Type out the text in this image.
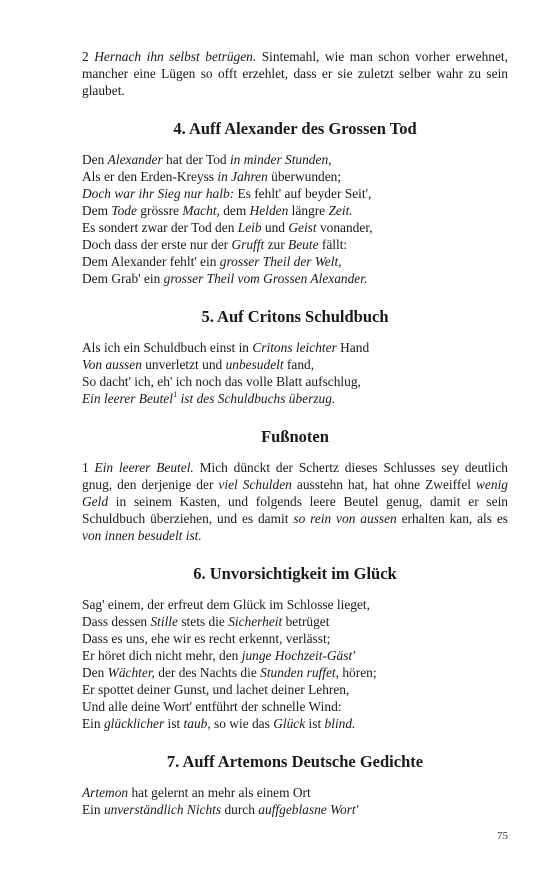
2 Hernach ihn selbst betrügen. Sintemahl, wie man schon vorher erwehnet, mancher eine Lügen so offt erzehlet, dass er sie zuletzt selber wahr zu sein glaubet.

4. Auff Alexander des Grossen Tod
Den Alexander hat der Tod in minder Stunden,
Als er den Erden-Kreyss in Jahren überwunden;
Doch war ihr Sieg nur halb: Es fehlt' auf beyder Seit',
Dem Tode grössre Macht, dem Helden längre Zeit.
Es sondert zwar der Tod den Leib und Geist vonander,
Doch dass der erste nur der Grufft zur Beute fällt:
Dem Alexander fehlt' ein grosser Theil der Welt,
Dem Grab' ein grosser Theil vom Grossen Alexander.
5. Auf Critons Schuldbuch
Als ich ein Schuldbuch einst in Critons leichter Hand
Von aussen unverletzt und unbesudelt fand,
So dacht' ich, eh' ich noch das volle Blatt aufschlug,
Ein leerer Beutel$^1$ ist des Schuldbuchs überzug.
Fußnoten

1 Ein leerer Beutel. Mich dünckt der Schertz dieses Schlusses sey deutlich gnug, den derjenige der viel Schulden ausstehn hat, hat ohne Zweiffel wenig Geld in seinem Kasten, und folgends leere Beutel genug, damit er sein Schuldbuch überziehen, und es damit so rein von aussen erhalten kan, als es von innen besudelt ist.

6. Unvorsichtigkeit im Glück
Sag' einem, der erfreut dem Glück im Schlosse lieget,
Dass dessen Stille stets die Sicherheit betrüget
Dass es uns, ehe wir es recht erkennt, verlässt;
Er höret dich nicht mehr, den junge Hochzeit-Gäst'
Den Wächter, der des Nachts die Stunden ruffet, hören;
Er spottet deiner Gunst, und lachet deiner Lehren,
Und alle deine Wort' entführt der schnelle Wind:
Ein glücklicher ist taub, so wie das Glück ist blind.
7. Auff Artemons Deutsche Gedichte
Artemon hat gelernt an mehr als einem Ort
Ein unverständlich Nichts durch auffgeblasne Wort'
75
